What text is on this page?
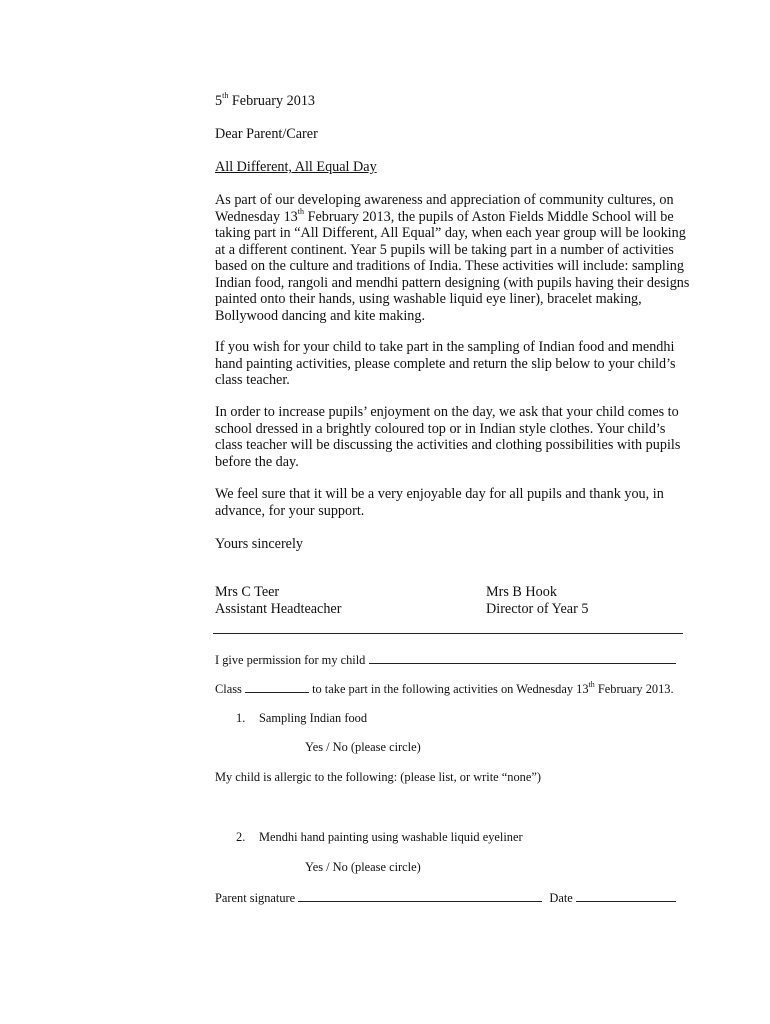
5th February 2013
Dear Parent/Carer
All Different, All Equal Day
As part of our developing awareness and appreciation of community cultures, on
Wednesday 13th February 2013, the pupils of Aston Fields Middle School will be
taking part in “All Different, All Equal” day, when each year group will be looking
at a different continent. Year 5 pupils will be taking part in a number of activities
based on the culture and traditions of India. These activities will include: sampling
Indian food, rangoli and mendhi pattern designing (with pupils having their designs
painted onto their hands, using washable liquid eye liner), bracelet making,
Bollywood dancing and kite making.
If you wish for your child to take part in the sampling of Indian food and mendhi
hand painting activities, please complete and return the slip below to your child’s
class teacher.
In order to increase pupils’ enjoyment on the day, we ask that your child comes to
school dressed in a brightly coloured top or in Indian style clothes. Your child’s
class teacher will be discussing the activities and clothing possibilities with pupils
before the day.
We feel sure that it will be a very enjoyable day for all pupils and thank you, in
advance, for your support.
Yours sincerely
Mrs C Teer
Assistant Headteacher
Mrs B Hook
Director of Year 5
I give permission for my child
Class	to take part in the following activities on Wednesday 13th February 2013.
1. Sampling Indian food
Yes / No (please circle)
My child is allergic to the following: (please list, or write “none”)
2. Mendhi hand painting using washable liquid eyeliner
Yes / No (please circle)
Parent signature	Date
